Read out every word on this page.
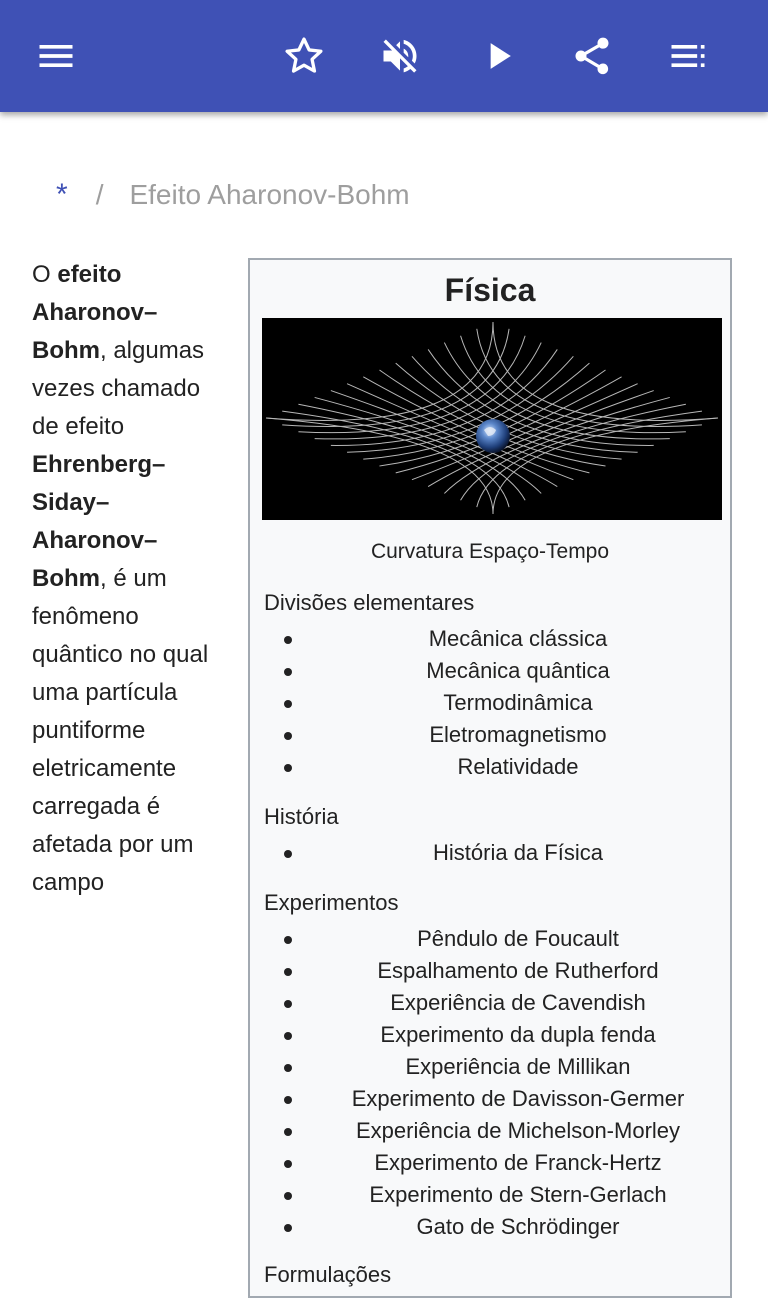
* / Efeito Aharonov-Bohm
O efeito Aharonov–Bohm, algumas vezes chamado de efeito Ehrenberg–Siday–Aharonov–Bohm, é um fenômeno quântico no qual uma partícula puntiforme eletricamente carregada é afetada por um campo
Física
Curvatura Espaço-Tempo
Divisões elementares
Mecânica clássica
Mecânica quântica
Termodinâmica
Eletromagnetismo
Relatividade
História
História da Física
Experimentos
Pêndulo de Foucault
Espalhamento de Rutherford
Experiência de Cavendish
Experimento da dupla fenda
Experiência de Millikan
Experimento de Davisson-Germer
Experiência de Michelson-Morley
Experimento de Franck-Hertz
Experimento de Stern-Gerlach
Gato de Schrödinger
Formulações
